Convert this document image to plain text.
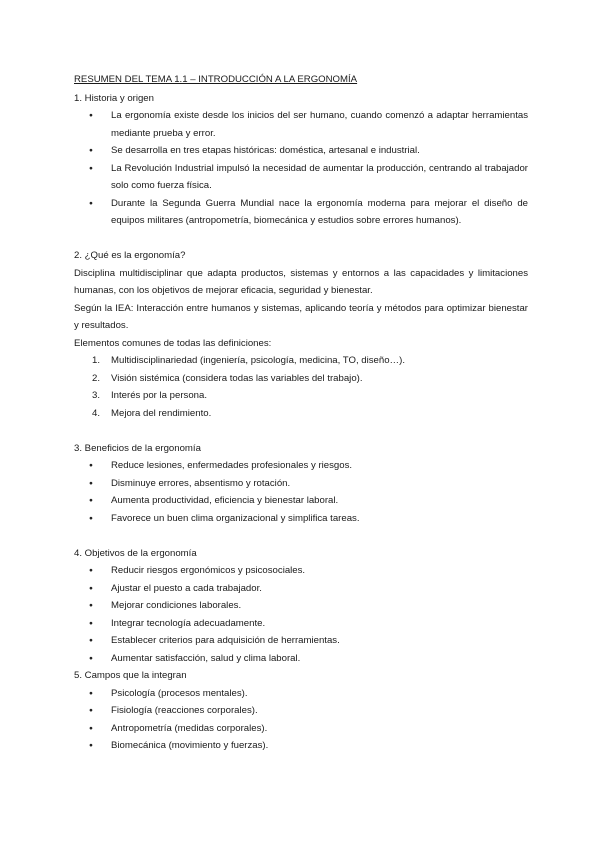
RESUMEN DEL TEMA 1.1 – INTRODUCCIÓN A LA ERGONOMÍA
1. Historia y origen
● La ergonomía existe desde los inicios del ser humano, cuando comenzó a adaptar herramientas mediante prueba y error.
● Se desarrolla en tres etapas históricas: doméstica, artesanal e industrial.
● La Revolución Industrial impulsó la necesidad de aumentar la producción, centrando al trabajador solo como fuerza física.
● Durante la Segunda Guerra Mundial nace la ergonomía moderna para mejorar el diseño de equipos militares (antropometría, biomecánica y estudios sobre errores humanos).
2. ¿Qué es la ergonomía?

Disciplina multidisciplinar que adapta productos, sistemas y entornos a las capacidades y limitaciones humanas, con los objetivos de mejorar eficacia, seguridad y bienestar.

Según la IEA: Interacción entre humanos y sistemas, aplicando teoría y métodos para optimizar bienestar y resultados.

Elementos comunes de todas las definiciones:

1. Multidisciplinariedad (ingeniería, psicología, medicina, TO, diseño…).
2. Visión sistémica (considera todas las variables del trabajo).
3. Interés por la persona.
4. Mejora del rendimiento.
3. Beneficios de la ergonomía
● Reduce lesiones, enfermedades profesionales y riesgos.
● Disminuye errores, absentismo y rotación.
● Aumenta productividad, eficiencia y bienestar laboral.
● Favorece un buen clima organizacional y simplifica tareas.
4. Objetivos de la ergonomía
● Reducir riesgos ergonómicos y psicosociales.
● Ajustar el puesto a cada trabajador.
● Mejorar condiciones laborales.
● Integrar tecnología adecuadamente.
● Establecer criterios para adquisición de herramientas.
● Aumentar satisfacción, salud y clima laboral.
5. Campos que la integran
● Psicología (procesos mentales).
● Fisiología (reacciones corporales).
● Antropometría (medidas corporales).
● Biomecánica (movimiento y fuerzas).
